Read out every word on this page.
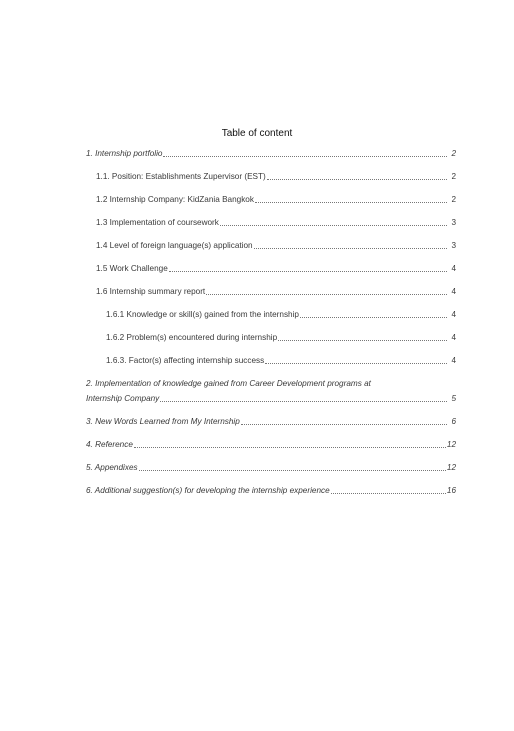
Table of content
1. Internship portfolio	2
1.1. Position: Establishments Zupervisor (EST)	2
1.2 Internship Company: KidZania Bangkok	2
1.3 Implementation of coursework	3
1.4 Level of foreign language(s) application	3
1.5 Work Challenge	4
1.6 Internship summary report	4
1.6.1 Knowledge or skill(s) gained from the internship	4
1.6.2 Problem(s) encountered during internship	4
1.6.3. Factor(s) affecting internship success	4
2. Implementation of knowledge gained from Career Development programs at
Internship Company	5
3. New Words Learned from My Internship	6
4. Reference	12
5. Appendixes	12
6. Additional suggestion(s) for developing the internship experience	16
